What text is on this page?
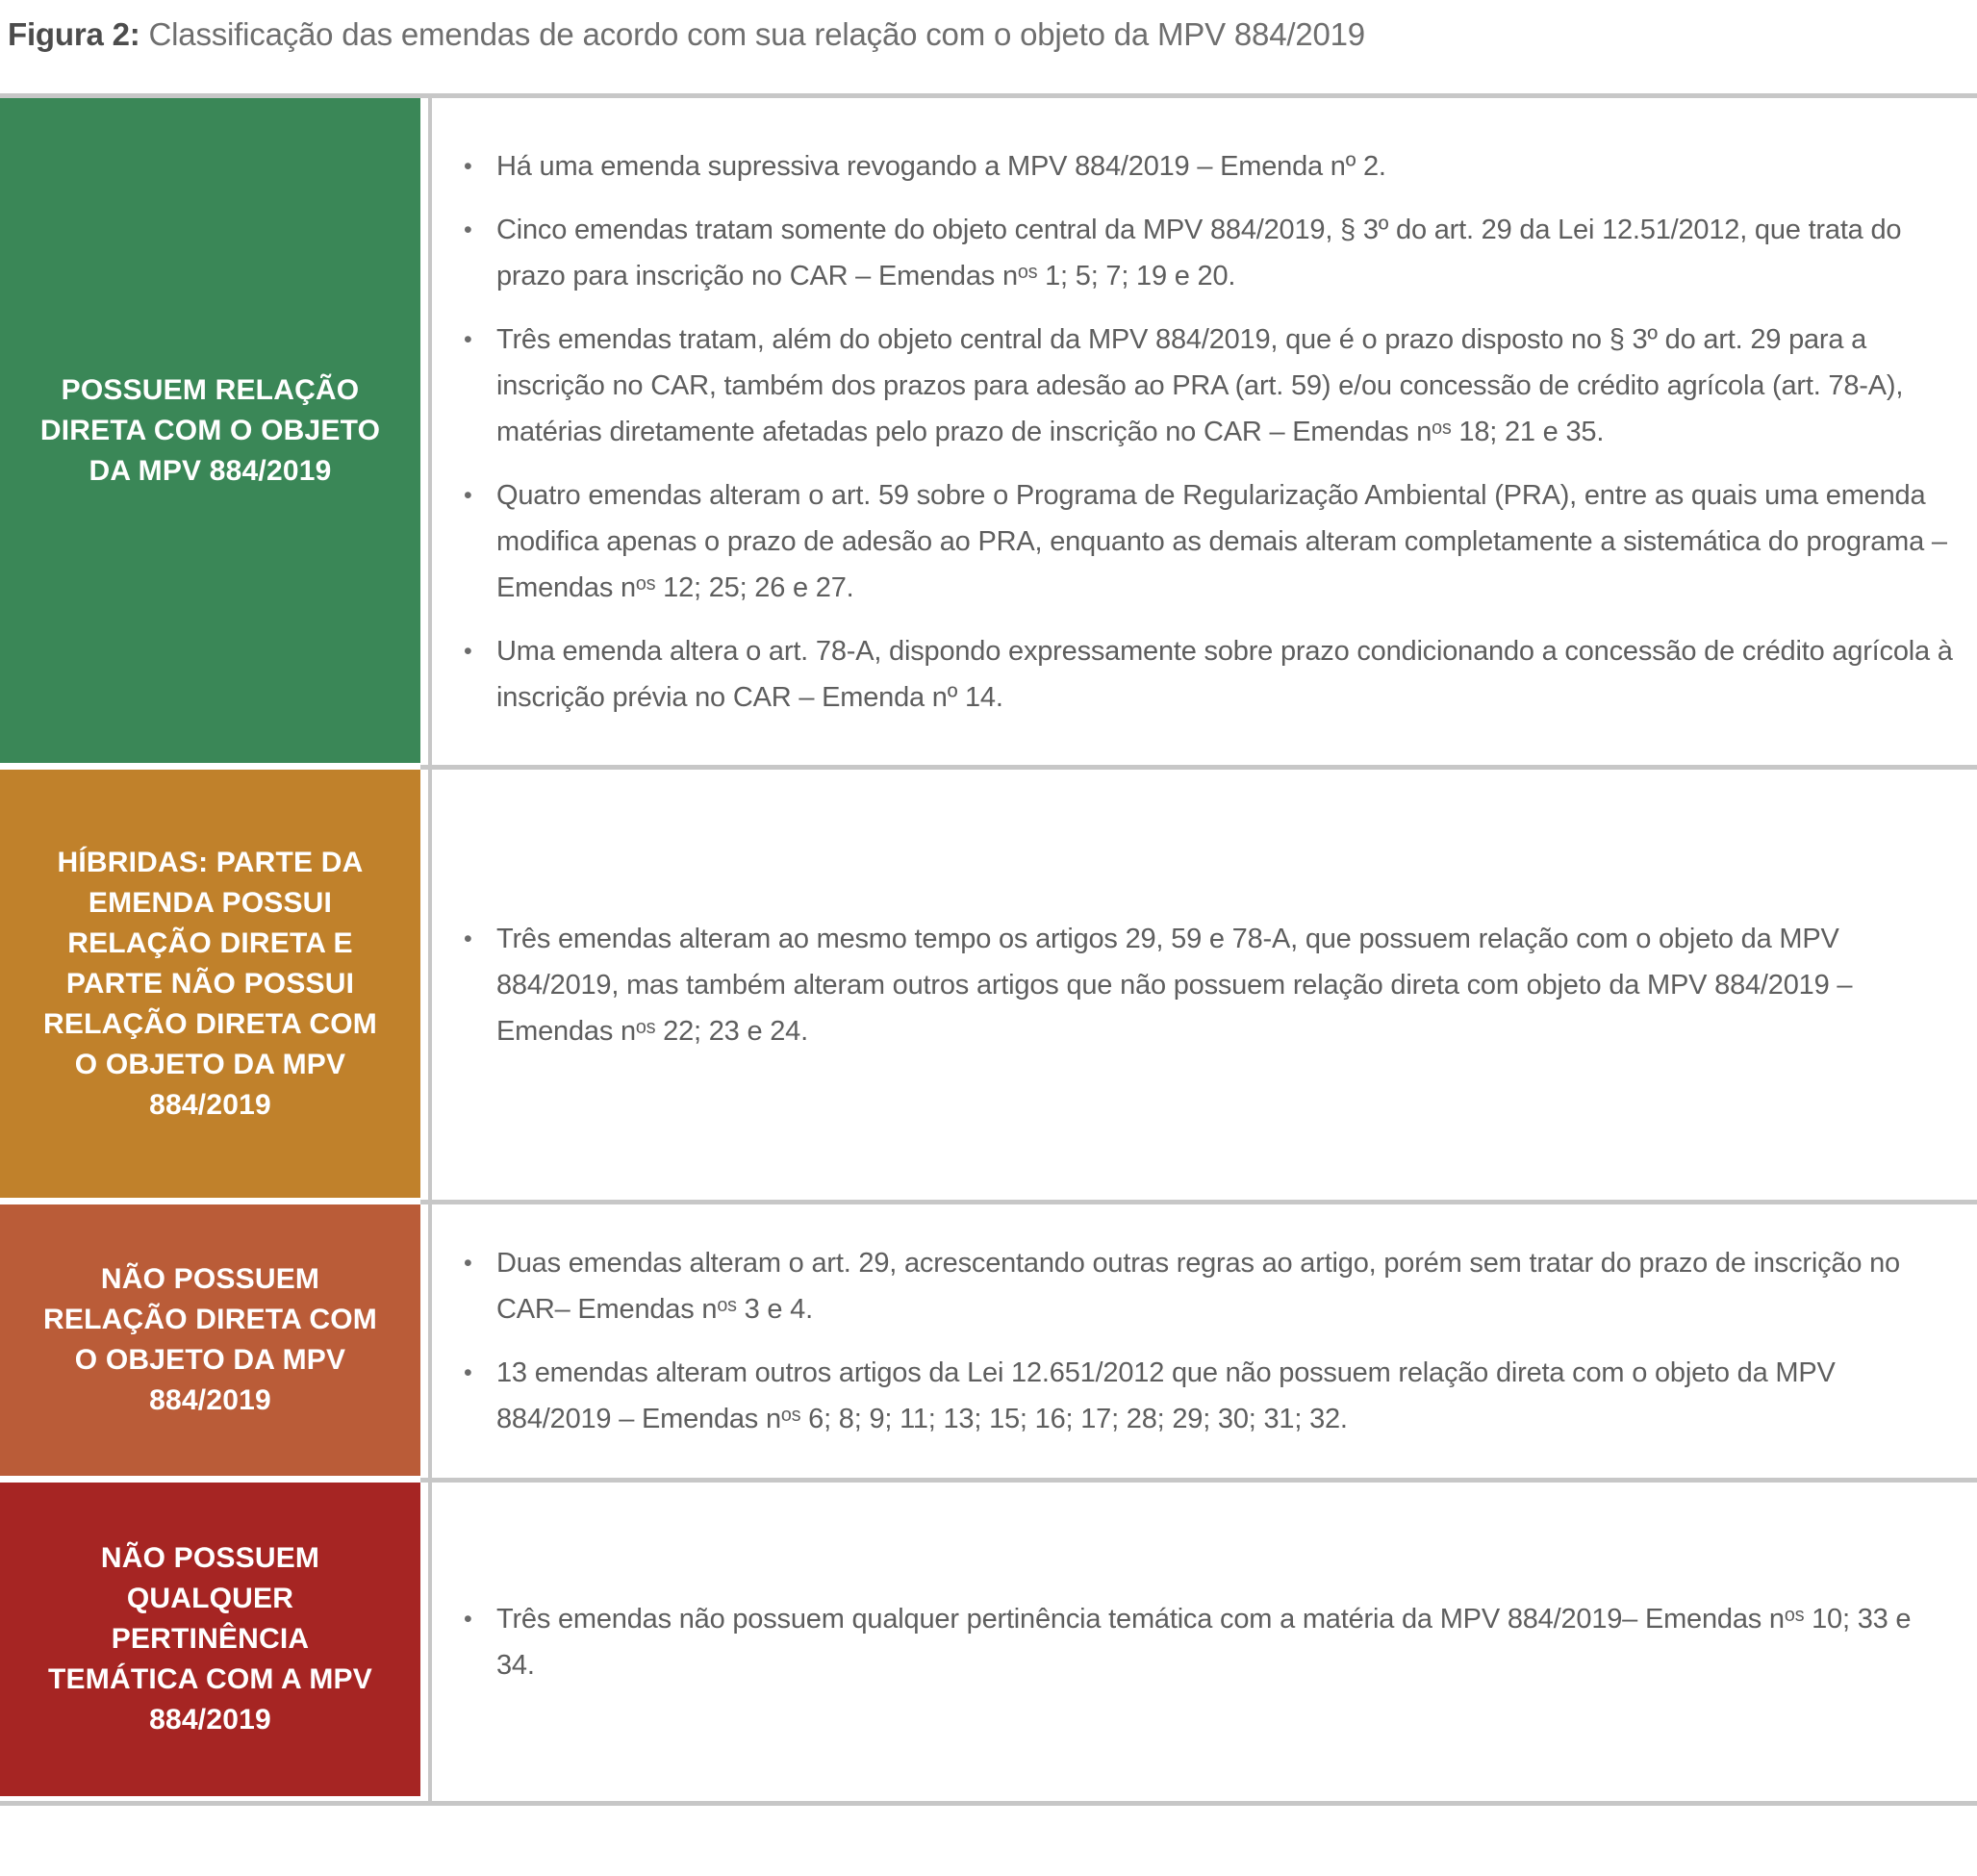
Figura 2: Classificação das emendas de acordo com sua relação com o objeto da MPV 884/2019
POSSUEM RELAÇÃO DIRETA COM O OBJETO DA MPV 884/2019
• Há uma emenda supressiva revogando a MPV 884/2019 – Emenda nº 2.
• Cinco emendas tratam somente do objeto central da MPV 884/2019, § 3º do art. 29 da Lei 12.51/2012, que trata do prazo para inscrição no CAR – Emendas nᵒˢ 1; 5; 7; 19 e 20.
• Três emendas tratam, além do objeto central da MPV 884/2019, que é o prazo disposto no § 3º do art. 29 para a inscrição no CAR, também dos prazos para adesão ao PRA (art. 59) e/ou concessão de crédito agrícola (art. 78-A), matérias diretamente afetadas pelo prazo de inscrição no CAR – Emendas nᵒˢ 18; 21 e 35.
• Quatro emendas alteram o art. 59 sobre o Programa de Regularização Ambiental (PRA), entre as quais uma emenda modifica apenas o prazo de adesão ao PRA, enquanto as demais alteram completamente a sistemática do programa – Emendas nᵒˢ 12; 25; 26 e 27.
• Uma emenda altera o art. 78-A, dispondo expressamente sobre prazo condicionando a concessão de crédito agrícola à inscrição prévia no CAR – Emenda nº 14.
HÍBRIDAS: PARTE DA EMENDA POSSUI RELAÇÃO DIRETA E PARTE NÃO POSSUI RELAÇÃO DIRETA COM O OBJETO DA MPV 884/2019
• Três emendas alteram ao mesmo tempo os artigos 29, 59 e 78-A, que possuem relação com o objeto da MPV 884/2019, mas também alteram outros artigos que não possuem relação direta com objeto da MPV 884/2019 – Emendas nᵒˢ 22; 23 e 24.
NÃO POSSUEM RELAÇÃO DIRETA COM O OBJETO DA MPV 884/2019
• Duas emendas alteram o art. 29, acrescentando outras regras ao artigo, porém sem tratar do prazo de inscrição no CAR– Emendas nᵒˢ 3 e 4.
• 13 emendas alteram outros artigos da Lei 12.651/2012 que não possuem relação direta com o objeto da MPV 884/2019 – Emendas nᵒˢ 6; 8; 9; 11; 13; 15; 16; 17; 28; 29; 30; 31; 32.
NÃO POSSUEM QUALQUER PERTINÊNCIA TEMÁTICA COM A MPV 884/2019
• Três emendas não possuem qualquer pertinência temática com a matéria da MPV 884/2019– Emendas nᵒˢ 10; 33 e 34.
